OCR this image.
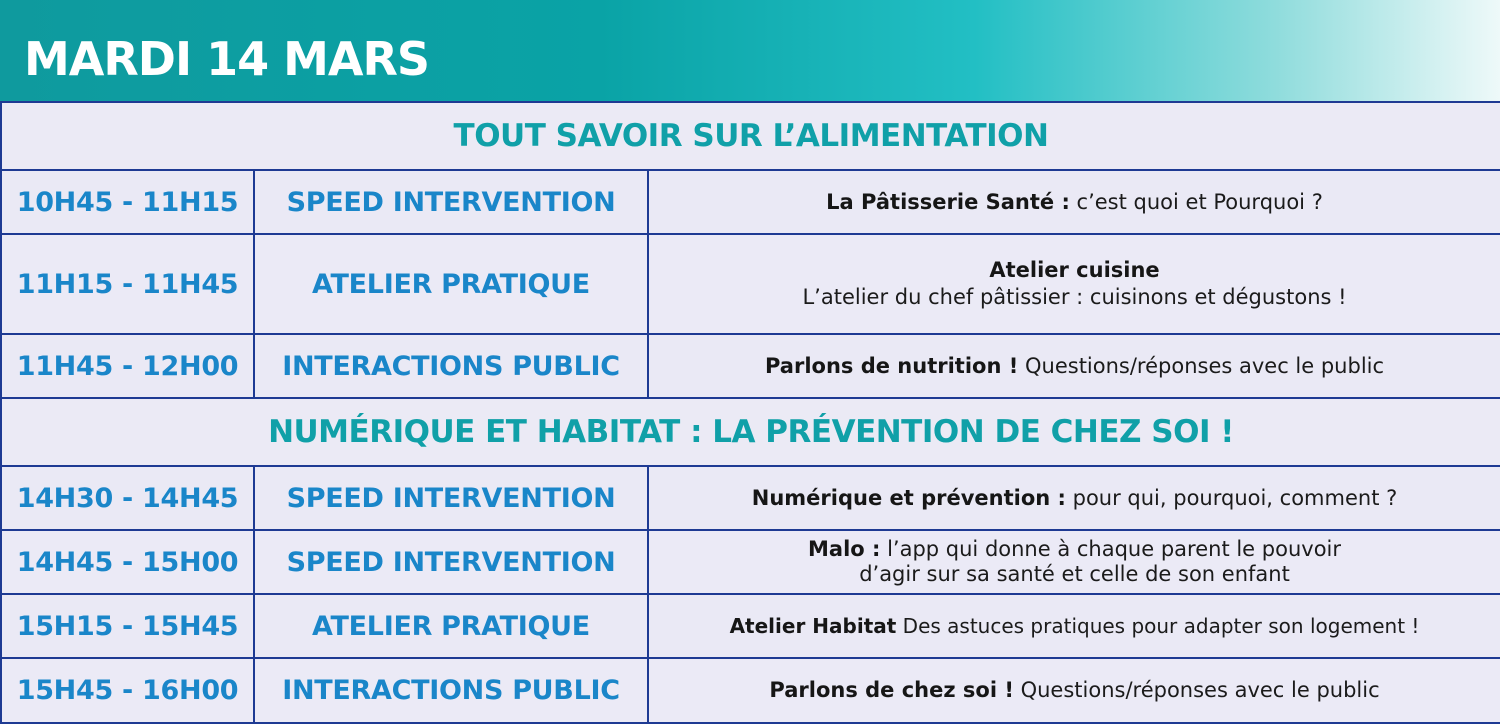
MARDI 14 MARS
TOUT SAVOIR SUR L’ALIMENTATION		
10H45 - 11H15	SPEED INTERVENTION	La Pâtisserie Santé : c’est quoi et Pourquoi ?
11H15 - 11H45	ATELIER PRATIQUE	Atelier cuisine
L’atelier du chef pâtissier : cuisinons et dégustons !
11H45 - 12H00	INTERACTIONS PUBLIC	Parlons de nutrition ! Questions/réponses avec le public
NUMÉRIQUE ET HABITAT : LA PRÉVENTION DE CHEZ SOI !		
14H30 - 14H45	SPEED INTERVENTION	Numérique et prévention : pour qui, pourquoi, comment ?
14H45 - 15H00	SPEED INTERVENTION	Malo : l’app qui donne à chaque parent le pouvoir
d’agir sur sa santé et celle de son enfant
15H15 - 15H45	ATELIER PRATIQUE	Atelier Habitat Des astuces pratiques pour adapter son logement !
15H45 - 16H00	INTERACTIONS PUBLIC	Parlons de chez soi ! Questions/réponses avec le public
